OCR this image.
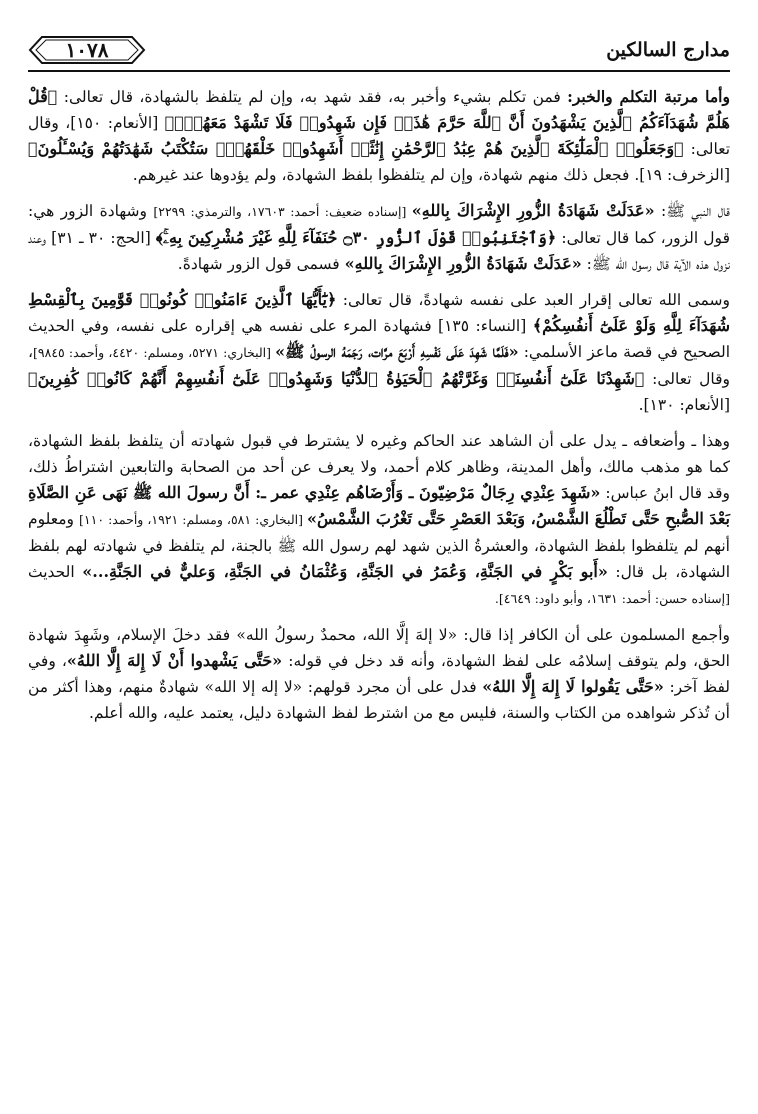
١٠٧٨	مدارج السالكين

وأما مرتبة التكلم والخبر: فمن تكلم بشيء وأخبر به، فقد شهد به، وإن لم يتلفظ بالشهادة، قال تعالى: ﴿قُلْ هَلُمَّ شُهَدَآءَكُمُ ٱلَّذِينَ يَشْهَدُونَ أَنَّ ٱللَّهَ حَرَّمَ هَٰذَاۖ فَإِن شَهِدُوا۟ فَلَا تَشْهَدْ مَعَهُمْۚ﴾ [الأنعام: ١٥٠]، وقال تعالى: ﴿وَجَعَلُوا۟ ٱلْمَلَٰٓئِكَةَ ٱلَّذِينَ هُمْ عِبَٰدُ ٱلرَّحْمَٰنِ إِنَٰثًاۚ أَشَهِدُوا۟ خَلْقَهُمْۚ سَتُكْتَبُ شَهَٰدَتُهُمْ وَيُسْـَٔلُونَ﴾ [الزخرف: ١٩]. فجعل ذلك منهم شهادة، وإن لم يتلفظوا بلفظ الشهادة، ولم يؤدوها عند غيرهم.

قال النبي ﷺ: «عَدَلَتْ شَهَادَةُ الزُّورِ الإِشْرَاكَ بِاللهِ» [إسناده ضعيف: أحمد: ١٧٦٠٣، والترمذي: ٢٢٩٩] وشهادة الزور هي: قول الزور، كما قال تعالى: ﴿وَٱجْتَنِبُوا۟ قَوْلَ ٱلزُّورِ ۝٣٠ حُنَفَآءَ لِلَّهِ غَيْرَ مُشْرِكِينَ بِهِۦۚ﴾ [الحج: ٣٠ ـ ٣١] وعند نزول هذه الآية قال رسول الله ﷺ: «عَدَلَتْ شَهَادَةُ الزُّورِ الإِشْرَاكَ بِاللهِ» فسمى قول الزور شهادةً.

وسمى الله تعالى إقرار العبد على نفسه شهادةً، قال تعالى: ﴿يَٰٓأَيُّهَا ٱلَّذِينَ ءَامَنُوا۟ كُونُوا۟ قَوَّٰمِينَ بِٱلْقِسْطِ شُهَدَآءَ لِلَّهِ وَلَوْ عَلَىٰٓ أَنفُسِكُمْ﴾ [النساء: ١٣٥] فشهادة المرء على نفسه هي إقراره على نفسه، وفي الحديث الصحيح في قصة ماعز الأسلمي: «فَلَمَّا شَهِدَ عَلَى نَفْسِهِ أَرْبَعَ مرَّات، رَجَمَهُ الرسولُ ﷺ» [البخاري: ٥٢٧١، ومسلم: ٤٤٢٠، وأحمد: ٩٨٤٥]، وقال تعالى: ﴿شَهِدْنَا عَلَىٰٓ أَنفُسِنَاۖ وَغَرَّتْهُمُ ٱلْحَيَوٰةُ ٱلدُّنْيَا وَشَهِدُوا۟ عَلَىٰٓ أَنفُسِهِمْ أَنَّهُمْ كَانُوا۟ كَٰفِرِينَ﴾ [الأنعام: ١٣٠].

وهذا ـ وأضعافه ـ يدل على أن الشاهد عند الحاكم وغيره لا يشترط في قبول شهادته أن يتلفظ بلفظ الشهادة، كما هو مذهب مالك، وأهل المدينة، وظاهر كلام أحمد، ولا يعرف عن أحد من الصحابة والتابعين اشتراطُ ذلك، وقد قال ابنُ عباس: «شَهِدَ عِنْدِي رِجَالٌ مَرْضِيّونَ ـ وَأَرْضَاهُم عِنْدِي عمر ـ: أَنَّ رسولَ الله ﷺ نَهَى عَنِ الصَّلَاةِ بَعْدَ الصُّبحِ حَتَّى تَطْلُعَ الشَّمْسُ، وَبَعْدَ العَصْرِ حَتَّى تَغْرُبَ الشَّمْسُ» [البخاري: ٥٨١، ومسلم: ١٩٢١، وأحمد: ١١٠] ومعلوم أنهم لم يتلفظوا بلفظ الشهادة، والعشرةُ الذين شهد لهم رسول الله ﷺ بالجنة، لم يتلفظ في شهادته لهم بلفظ الشهادة، بل قال: «أَبو بَكْرٍ في الجَنَّةِ، وَعُمَرُ في الجَنَّةِ، وَعُثْمَانُ في الجَنَّةِ، وَعليٌّ في الجَنَّةِ...» الحديث [إسناده حسن: أحمد: ١٦٣١، وأبو داود: ٤٦٤٩].

وأجمع المسلمون على أن الكافر إذا قال: «لا إلهَ إلَّا الله، محمدٌ رسولُ الله» فقد دخلَ الإسلام، وشَهِدَ شهادة الحق، ولم يتوقف إسلامُه على لفظ الشهادة، وأنه قد دخل في قوله: «حَتَّى يَشْهدوا أَنْ لَا إِلهَ إِلَّا اللهُ»، وفي لفظ آخر: «حَتَّى يَقُولوا لَا إِلهَ إِلَّا اللهُ» فدل على أن مجرد قولهم: «لا إله إلا الله» شهادةٌ منهم، وهذا أكثر من أن تُذكر شواهده من الكتاب والسنة، فليس مع من اشترط لفظ الشهادة دليل، يعتمد عليه، والله أعلم.
